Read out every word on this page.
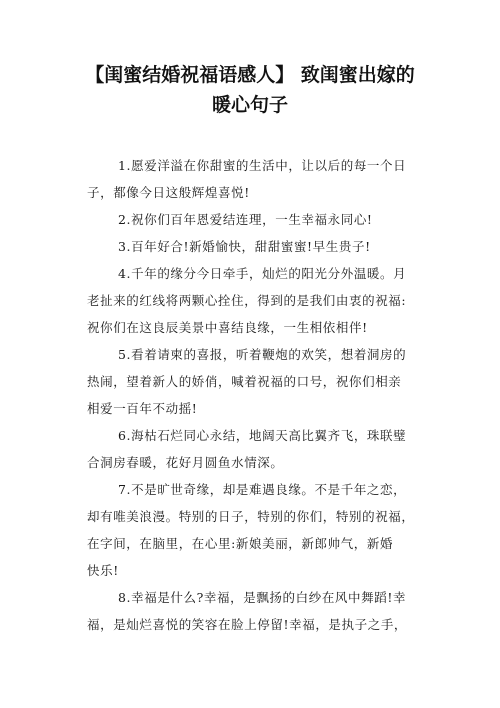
【闺蜜结婚祝福语感人】 致闺蜜出嫁的
暖心句子
1.愿爱洋溢在你甜蜜的生活中，让以后的每一个日
子，都像今日这般辉煌喜悦!
2.祝你们百年恩爱结连理，一生幸福永同心!
3.百年好合!新婚愉快，甜甜蜜蜜!早生贵子!
4.千年的缘分今日牵手，灿烂的阳光分外温暖。月
老扯来的红线将两颗心拴住，得到的是我们由衷的祝福:
祝你们在这良辰美景中喜结良缘，一生相依相伴!
5.看着请柬的喜报，听着鞭炮的欢笑，想着洞房的
热闹，望着新人的娇俏，喊着祝福的口号，祝你们相亲
相爱一百年不动摇!
6.海枯石烂同心永结，地阔天高比翼齐飞，珠联璧
合洞房春暖，花好月圆鱼水情深。
7.不是旷世奇缘，却是难遇良缘。不是千年之恋，
却有唯美浪漫。特别的日子，特别的你们，特别的祝福，
在字间，在脑里，在心里:新娘美丽，新郎帅气，新婚
快乐!
8.幸福是什么?幸福，是飘扬的白纱在风中舞蹈!幸
福，是灿烂喜悦的笑容在脸上停留!幸福，是执子之手，
